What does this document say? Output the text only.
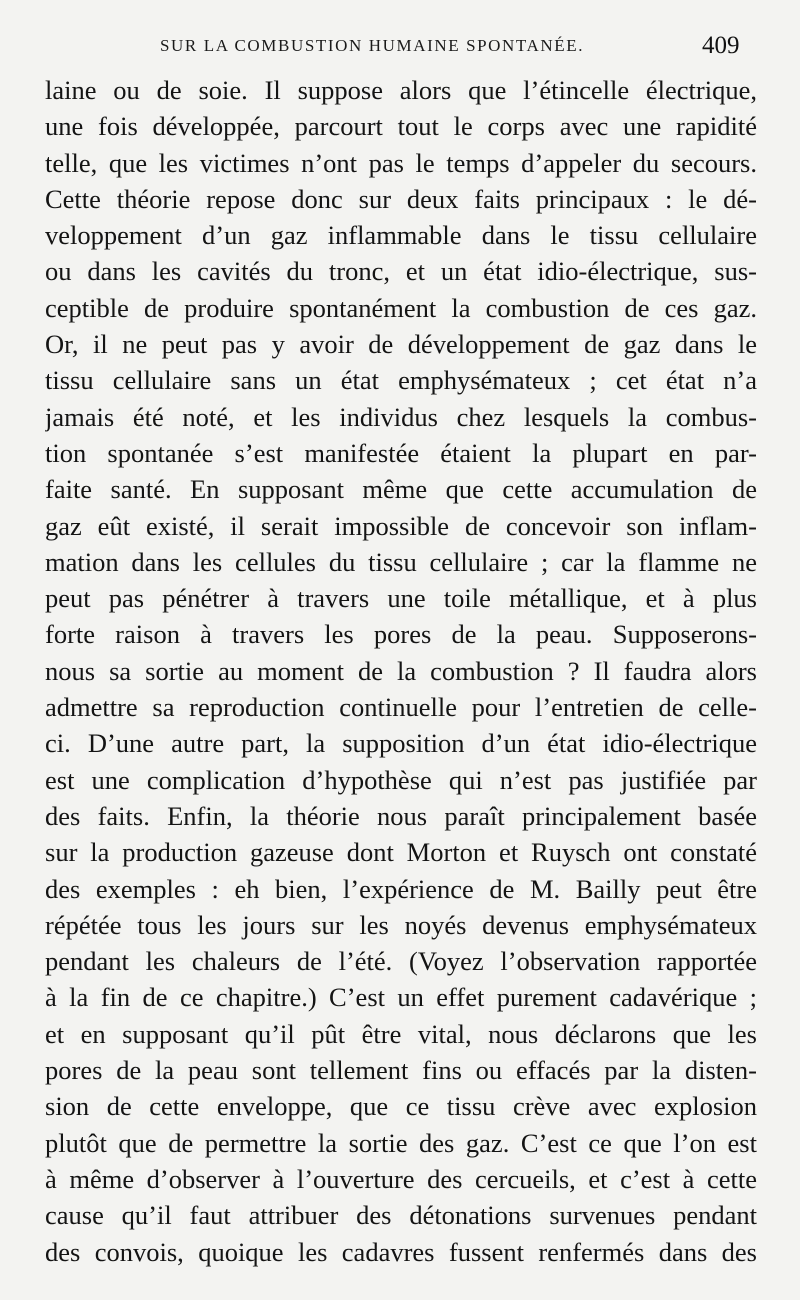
SUR LA COMBUSTION HUMAINE SPONTANÉE.	409
laine ou de soie. Il suppose alors que l’étincelle électrique,
une fois développée, parcourt tout le corps avec une rapidité
telle, que les victimes n’ont pas le temps d’appeler du secours.
Cette théorie repose donc sur deux faits principaux : le dé-
veloppement d’un gaz inflammable dans le tissu cellulaire
ou dans les cavités du tronc, et un état idio-électrique, sus-
ceptible de produire spontanément la combustion de ces gaz.
Or, il ne peut pas y avoir de développement de gaz dans le
tissu cellulaire sans un état emphysémateux ; cet état n’a
jamais été noté, et les individus chez lesquels la combus-
tion spontanée s’est manifestée étaient la plupart en par-
faite santé. En supposant même que cette accumulation de
gaz eût existé, il serait impossible de concevoir son inflam-
mation dans les cellules du tissu cellulaire ; car la flamme ne
peut pas pénétrer à travers une toile métallique, et à plus
forte raison à travers les pores de la peau. Supposerons-
nous sa sortie au moment de la combustion ? Il faudra alors
admettre sa reproduction continuelle pour l’entretien de celle-
ci. D’une autre part, la supposition d’un état idio-électrique
est une complication d’hypothèse qui n’est pas justifiée par
des faits. Enfin, la théorie nous paraît principalement basée
sur la production gazeuse dont Morton et Ruysch ont constaté
des exemples : eh bien, l’expérience de M. Bailly peut être
répétée tous les jours sur les noyés devenus emphysémateux
pendant les chaleurs de l’été. (Voyez l’observation rapportée
à la fin de ce chapitre.) C’est un effet purement cadavérique ;
et en supposant qu’il pût être vital, nous déclarons que les
pores de la peau sont tellement fins ou effacés par la disten-
sion de cette enveloppe, que ce tissu crève avec explosion
plutôt que de permettre la sortie des gaz. C’est ce que l’on est
à même d’observer à l’ouverture des cercueils, et c’est à cette
cause qu’il faut attribuer des détonations survenues pendant
des convois, quoique les cadavres fussent renfermés dans des
